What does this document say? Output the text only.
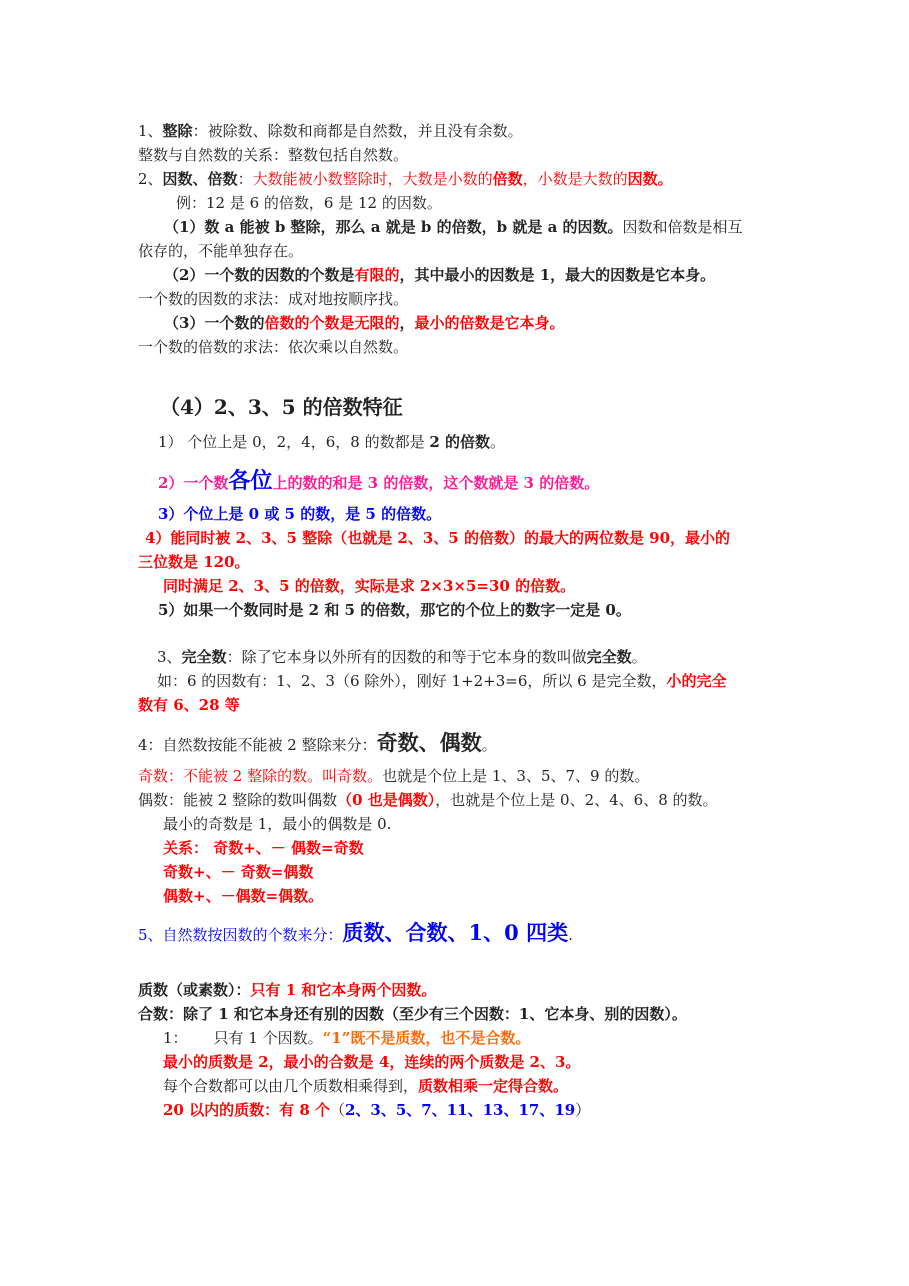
1、整除：被除数、除数和商都是自然数，并且没有余数。
整数与自然数的关系：整数包括自然数。
2、因数、倍数：大数能被小数整除时，大数是小数的倍数，小数是大数的因数。
例：12 是 6 的倍数，6 是 12 的因数。
（1）数 a 能被 b 整除，那么 a 就是 b 的倍数，b 就是 a 的因数。因数和倍数是相互
依存的，不能单独存在。
（2）一个数的因数的个数是有限的，其中最小的因数是 1，最大的因数是它本身。
一个数的因数的求法：成对地按顺序找。
（3）一个数的倍数的个数是无限的，最小的倍数是它本身。
一个数的倍数的求法：依次乘以自然数。
（4）2、3、5 的倍数特征
1） 个位上是 0，2，4，6，8 的数都是 2 的倍数。
2）一个数各位上的数的和是 3 的倍数，这个数就是 3 的倍数。
3）个位上是 0 或 5 的数，是 5 的倍数。
4）能同时被 2、3、5 整除（也就是 2、3、5 的倍数）的最大的两位数是 90，最小的
三位数是 120。
同时满足 2、3、5 的倍数，实际是求 2×3×5=30 的倍数。
5）如果一个数同时是 2 和 5 的倍数，那它的个位上的数字一定是 0。
3、完全数：除了它本身以外所有的因数的和等于它本身的数叫做完全数。
如：6 的因数有：1、2、3（6 除外），刚好 1+2+3=6，所以 6 是完全数，小的完全
数有 6、28 等
4：自然数按能不能被 2 整除来分：奇数、偶数。
奇数：不能被 2 整除的数。叫奇数。也就是个位上是 1、3、5、7、9 的数。
偶数：能被 2 整除的数叫偶数（0 也是偶数），也就是个位上是 0、2、4、6、8 的数。
最小的奇数是 1，最小的偶数是 0.
关系： 奇数+、－ 偶数=奇数
奇数+、－ 奇数=偶数
偶数+、－偶数=偶数。
5、自然数按因数的个数来分：质数、合数、1、0 四类.
质数（或素数）：只有 1 和它本身两个因数。
合数：除了 1 和它本身还有别的因数（至少有三个因数：1、它本身、别的因数）。
1： 只有 1 个因数。“1”既不是质数，也不是合数。
最小的质数是 2，最小的合数是 4，连续的两个质数是 2、3。
每个合数都可以由几个质数相乘得到，质数相乘一定得合数。
20 以内的质数：有 8 个（2、3、5、7、11、13、17、19）
